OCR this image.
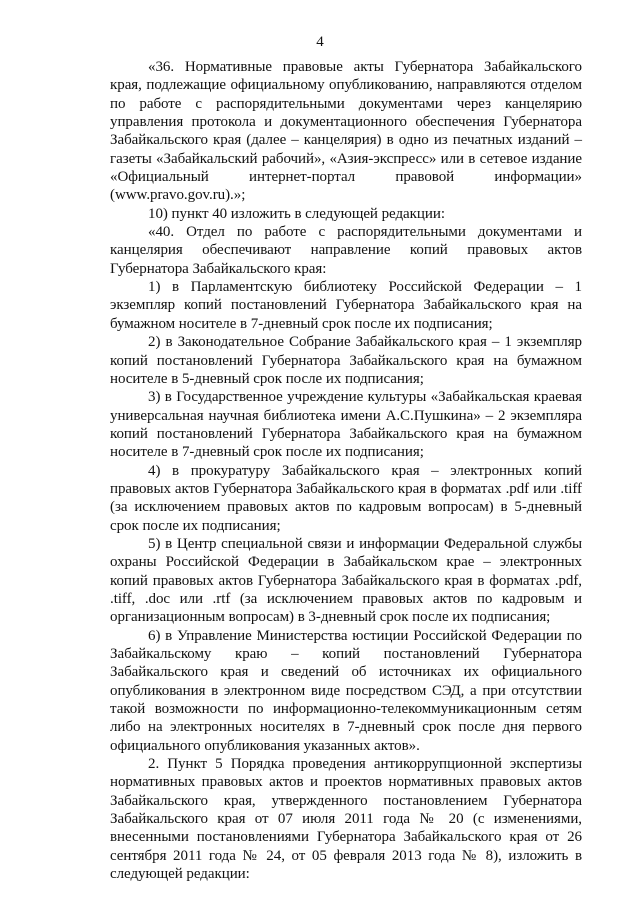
4

«36. Нормативные правовые акты Губернатора Забайкальского края, подлежащие официальному опубликованию, направляются отделом по работе с распорядительными документами через канцелярию управления протокола и документационного обеспечения Губернатора Забайкальского края (далее – канцелярия) в одно из печатных изданий – газеты «Забайкальский рабочий», «Азия-экспресс» или в сетевое издание «Официальный интернет-портал правовой информации» (www.pravo.gov.ru).»;

10) пункт 40 изложить в следующей редакции:

«40. Отдел по работе с распорядительными документами и канцелярия обеспечивают направление копий правовых актов Губернатора Забайкальского края:

1) в Парламентскую библиотеку Российской Федерации – 1 экземпляр копий постановлений Губернатора Забайкальского края на бумажном носителе в 7-дневный срок после их подписания;

2) в Законодательное Собрание Забайкальского края – 1 экземпляр копий постановлений Губернатора Забайкальского края на бумажном носителе в 5-дневный срок после их подписания;

3) в Государственное учреждение культуры «Забайкальская краевая универсальная научная библиотека имени А.С.Пушкина» – 2 экземпляра копий постановлений Губернатора Забайкальского края на бумажном носителе в 7-дневный срок после их подписания;

4) в прокуратуру Забайкальского края – электронных копий правовых актов Губернатора Забайкальского края в форматах .pdf или .tiff (за исключением правовых актов по кадровым вопросам) в 5-дневный срок после их подписания;

5) в Центр специальной связи и информации Федеральной службы охраны Российской Федерации в Забайкальском крае – электронных копий правовых актов Губернатора Забайкальского края в форматах .pdf, .tiff, .doc или .rtf (за исключением правовых актов по кадровым и организационным вопросам) в 3-дневный срок после их подписания;

6) в Управление Министерства юстиции Российской Федерации по Забайкальскому краю – копий постановлений Губернатора Забайкальского края и сведений об источниках их официального опубликования в электронном виде посредством СЭД, а при отсутствии такой возможности по информационно-телекоммуникационным сетям либо на электронных носителях в 7-дневный срок после дня первого официального опубликования указанных актов».

2. Пункт 5 Порядка проведения антикоррупционной экспертизы нормативных правовых актов и проектов нормативных правовых актов Забайкальского края, утвержденного постановлением Губернатора Забайкальского края от 07 июля 2011 года № 20 (с изменениями, внесенными постановлениями Губернатора Забайкальского края от 26 сентября 2011 года № 24, от 05 февраля 2013 года № 8), изложить в следующей редакции:
